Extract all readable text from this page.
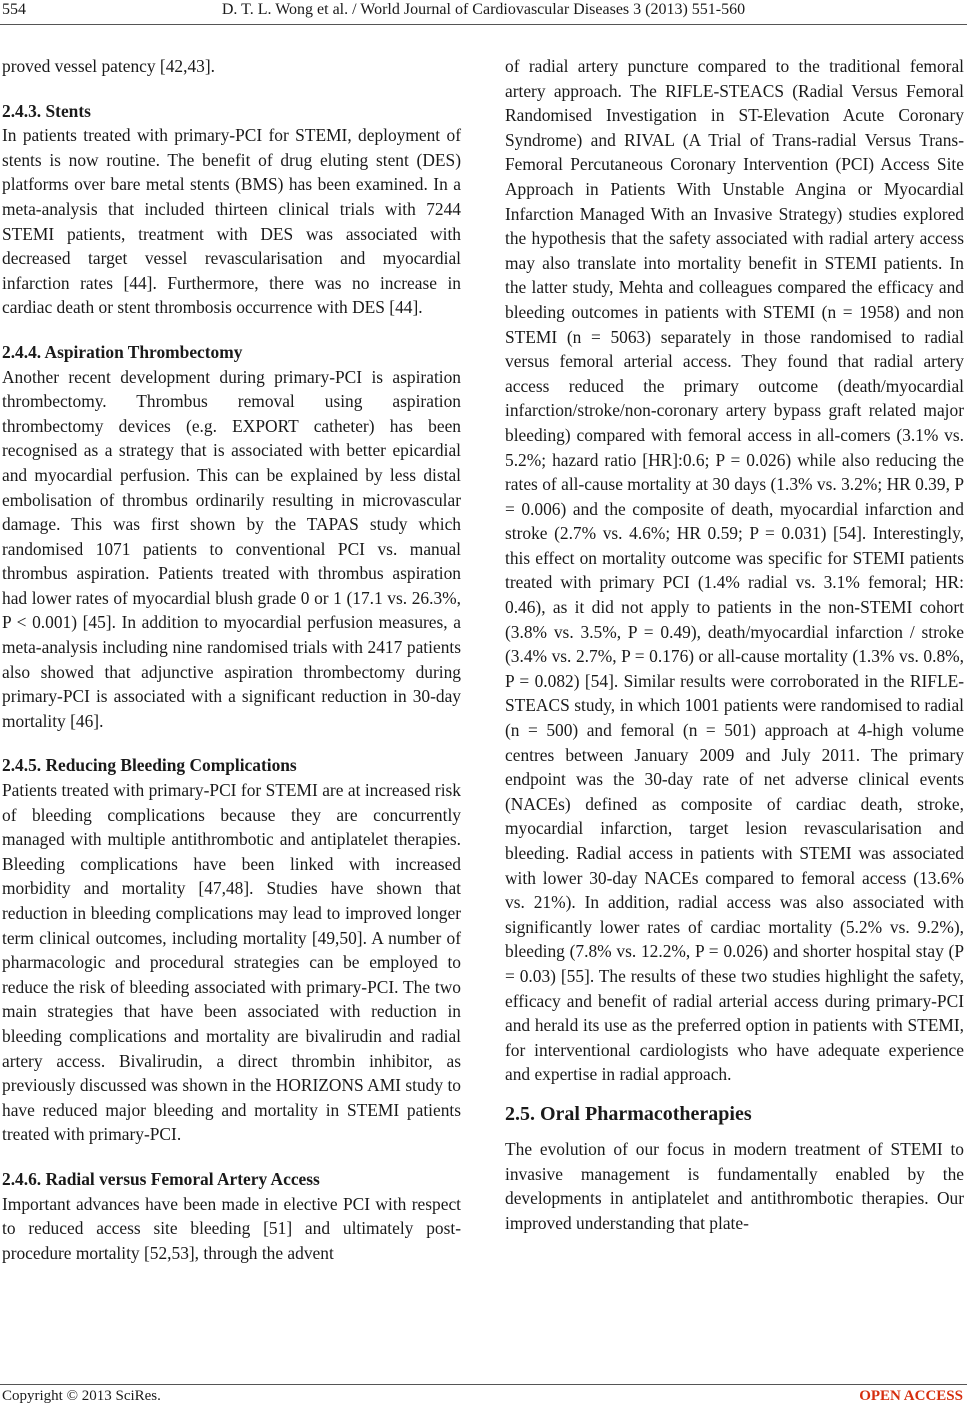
554	D. T. L. Wong et al. / World Journal of Cardiovascular Diseases 3 (2013) 551-560

proved vessel patency [42,43].

2.4.3. Stents

In patients treated with primary-PCI for STEMI, deployment of stents is now routine. The benefit of drug eluting stent (DES) platforms over bare metal stents (BMS) has been examined. In a meta-analysis that included thirteen clinical trials with 7244 STEMI patients, treatment with DES was associated with decreased target vessel revascularisation and myocardial infarction rates [44]. Furthermore, there was no increase in cardiac death or stent thrombosis occurrence with DES [44].

2.4.4. Aspiration Thrombectomy

Another recent development during primary-PCI is aspiration thrombectomy. Thrombus removal using aspiration thrombectomy devices (e.g. EXPORT catheter) has been recognised as a strategy that is associated with better epicardial and myocardial perfusion. This can be explained by less distal embolisation of thrombus ordinarily resulting in microvascular damage. This was first shown by the TAPAS study which randomised 1071 patients to conventional PCI vs. manual thrombus aspiration. Patients treated with thrombus aspiration had lower rates of myocardial blush grade 0 or 1 (17.1 vs. 26.3%, P < 0.001) [45]. In addition to myocardial perfusion measures, a meta-analysis including nine randomised trials with 2417 patients also showed that adjunctive aspiration thrombectomy during primary-PCI is associated with a significant reduction in 30-day mortality [46].

2.4.5. Reducing Bleeding Complications

Patients treated with primary-PCI for STEMI are at increased risk of bleeding complications because they are concurrently managed with multiple antithrombotic and antiplatelet therapies. Bleeding complications have been linked with increased morbidity and mortality [47,48]. Studies have shown that reduction in bleeding complications may lead to improved longer term clinical outcomes, including mortality [49,50]. A number of pharmacologic and procedural strategies can be employed to reduce the risk of bleeding associated with primary-PCI. The two main strategies that have been associated with reduction in bleeding complications and mortality are bivalirudin and radial artery access. Bivalirudin, a direct thrombin inhibitor, as previously discussed was shown in the HORIZONS AMI study to have reduced major bleeding and mortality in STEMI patients treated with primary-PCI.

2.4.6. Radial versus Femoral Artery Access

Important advances have been made in elective PCI with respect to reduced access site bleeding [51] and ultimately post-procedure mortality [52,53], through the advent

of radial artery puncture compared to the traditional femoral artery approach. The RIFLE-STEACS (Radial Versus Femoral Randomised Investigation in ST-Elevation Acute Coronary Syndrome) and RIVAL (A Trial of Trans-radial Versus Trans-Femoral Percutaneous Coronary Intervention (PCI) Access Site Approach in Patients With Unstable Angina or Myocardial Infarction Managed With an Invasive Strategy) studies explored the hypothesis that the safety associated with radial artery access may also translate into mortality benefit in STEMI patients. In the latter study, Mehta and colleagues compared the efficacy and bleeding outcomes in patients with STEMI (n = 1958) and non STEMI (n = 5063) separately in those randomised to radial versus femoral arterial access. They found that radial artery access reduced the primary outcome (death/myocardial infarction/stroke/non-coronary artery bypass graft related major bleeding) compared with femoral access in all-comers (3.1% vs. 5.2%; hazard ratio [HR]:0.6; P = 0.026) while also reducing the rates of all-cause mortality at 30 days (1.3% vs. 3.2%; HR 0.39, P = 0.006) and the composite of death, myocardial infarction and stroke (2.7% vs. 4.6%; HR 0.59; P = 0.031) [54]. Interestingly, this effect on mortality outcome was specific for STEMI patients treated with primary PCI (1.4% radial vs. 3.1% femoral; HR: 0.46), as it did not apply to patients in the non-STEMI cohort (3.8% vs. 3.5%, P = 0.49), death/myocardial infarction / stroke (3.4% vs. 2.7%, P = 0.176) or all-cause mortality (1.3% vs. 0.8%, P = 0.082) [54]. Similar results were corroborated in the RIFLE-STEACS study, in which 1001 patients were randomised to radial (n = 500) and femoral (n = 501) approach at 4-high volume centres between January 2009 and July 2011. The primary endpoint was the 30-day rate of net adverse clinical events (NACEs) defined as composite of cardiac death, stroke, myocardial infarction, target lesion revascularisation and bleeding. Radial access in patients with STEMI was associated with lower 30-day NACEs compared to femoral access (13.6% vs. 21%). In addition, radial access was also associated with significantly lower rates of cardiac mortality (5.2% vs. 9.2%), bleeding (7.8% vs. 12.2%, P = 0.026) and shorter hospital stay (P = 0.03) [55]. The results of these two studies highlight the safety, efficacy and benefit of radial arterial access during primary-PCI and herald its use as the preferred option in patients with STEMI, for interventional cardiologists who have adequate experience and expertise in radial approach.

2.5. Oral Pharmacotherapies

The evolution of our focus in modern treatment of STEMI to invasive management is fundamentally enabled by the developments in antiplatelet and antithrombotic therapies. Our improved understanding that plate-

Copyright © 2013 SciRes.	OPEN ACCESS
